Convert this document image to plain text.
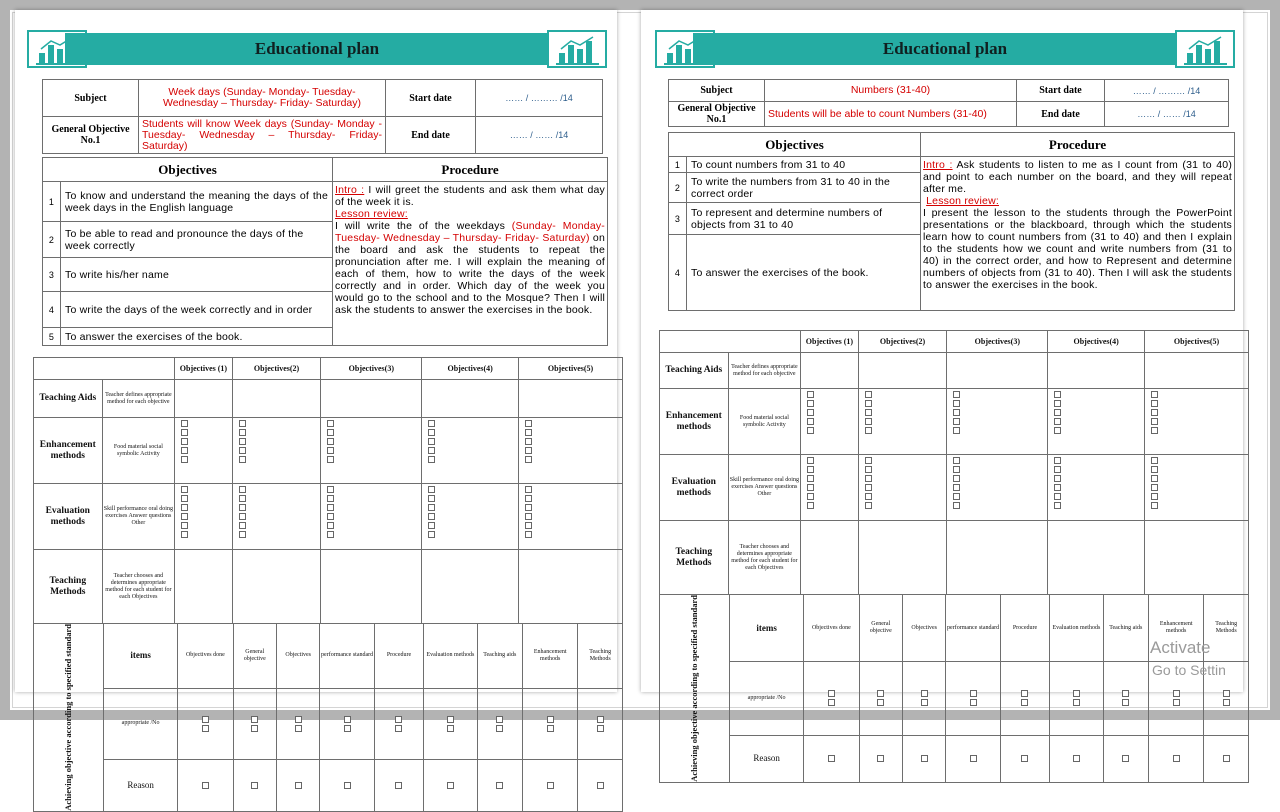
Educational plan
Subject	Week days (Sunday- Monday- Tuesday- Wednesday – Thursday- Friday- Saturday)	Start date	…… / ……… /14
General Objective No.1	Students will know Week days (Sunday- Monday - Tuesday- Wednesday – Thursday- Friday- Saturday)	End date	…… / …… /14
Objectives		Procedure
1	To know and understand the meaning the days of the week days in the English language	Intro : I will greet the students and ask them what day of the week it is.
Lesson review:
I will write the of the weekdays (Sunday- Monday- Tuesday- Wednesday – Thursday- Friday- Saturday) on the board and ask the students to repeat the pronunciation after me. I will explain the meaning of each of them, how to write the days of the week correctly and in order. Which day of the week you would go to the school and to the Mosque? Then I will ask the students to answer the exercises in the book.
2	To be able to read and pronounce the days of the week correctly	
3	To write his/her name	
4	To write the days of the week correctly and in order	
5	To answer the exercises of the book.	
		Objectives (1)	Objectives(2)	Objectives(3)	Objectives(4)	Objectives(5)
Teaching Aids	Teacher defines appropriate method for each objective					
Enhancement methods	Food material social symbolic Activity	

Evaluation methods	Skill performance oral doing exercises Answer questions Other	

Teaching Methods	Teacher chooses and determines appropriate method for each student for each Objectives					
Achieving objective according to specified standard	items	Objectives done	General objective	Objectives	performance standard	Procedure	Evaluation methods	Teaching aids	Enhancement methods	Teaching Methods
	appropriate /No	

	Reason	

Educational plan
Subject	Numbers (31-40)	Start date	…… / ……… /14
General Objective No.1	Students will be able to count Numbers (31-40)	End date	…… / …… /14
Objectives		Procedure
1	To count numbers from 31 to 40	Intro : Ask students to listen to me as I count from (31 to 40) and point to each number on the board, and they will repeat after me.
Lesson review:
I present the lesson to the students through the PowerPoint presentations or the blackboard, through which the students learn how to count numbers from (31 to 40) and then I explain to the students how we count and write numbers from (31 to 40) in the correct order, and how to Represent and determine numbers of objects from (31 to 40). Then I will ask the students to answer the exercises in the book.
2	To write the numbers from 31 to 40 in the correct order	
3	To represent and determine numbers of objects from 31 to 40	
4	To answer the exercises of the book.	
		Objectives (1)	Objectives(2)	Objectives(3)	Objectives(4)	Objectives(5)
Teaching Aids	Teacher defines appropriate method for each objective					
Enhancement methods	Food material social symbolic Activity	

Evaluation methods	Skill performance oral doing exercises Answer questions Other	

Teaching Methods	Teacher chooses and determines appropriate method for each student for each Objectives					
Achieving objective according to specified standard	items	Objectives done	General objective	Objectives	performance standard	Procedure	Evaluation methods	Teaching aids	Enhancement methods	Teaching Methods
	appropriate /No	

	Reason	

Activate
Go to Settin
